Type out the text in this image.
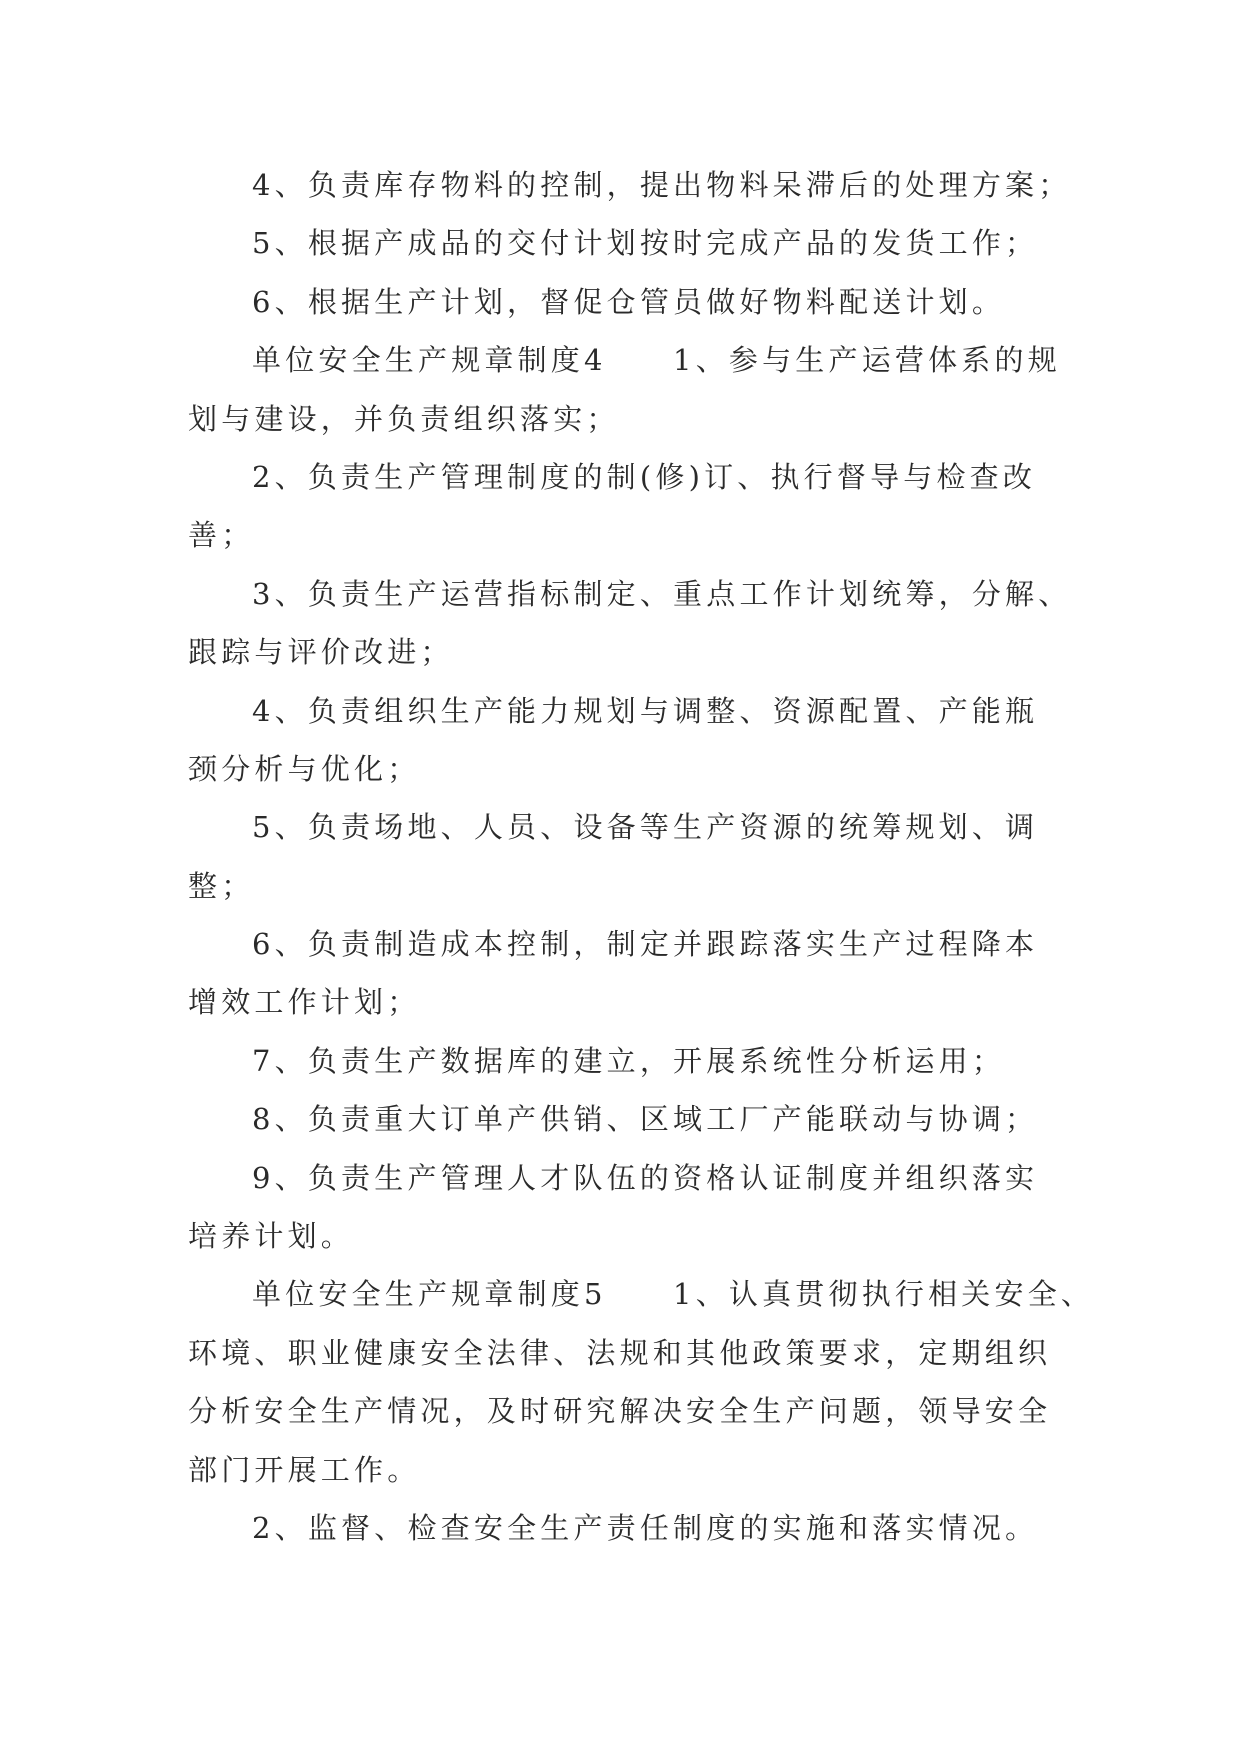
4、负责库存物料的控制，提出物料呆滞后的处理方案；
5、根据产成品的交付计划按时完成产品的发货工作；
6、根据生产计划，督促仓管员做好物料配送计划。
单位安全生产规章制度4　　1、参与生产运营体系的规
划与建设，并负责组织落实；
2、负责生产管理制度的制(修)订、执行督导与检查改
善；
3、负责生产运营指标制定、重点工作计划统筹，分解、
跟踪与评价改进；
4、负责组织生产能力规划与调整、资源配置、产能瓶
颈分析与优化；
5、负责场地、人员、设备等生产资源的统筹规划、调
整；
6、负责制造成本控制，制定并跟踪落实生产过程降本
增效工作计划；
7、负责生产数据库的建立，开展系统性分析运用；
8、负责重大订单产供销、区域工厂产能联动与协调；
9、负责生产管理人才队伍的资格认证制度并组织落实
培养计划。
单位安全生产规章制度5　　1、认真贯彻执行相关安全、
环境、职业健康安全法律、法规和其他政策要求，定期组织
分析安全生产情况，及时研究解决安全生产问题，领导安全
部门开展工作。
2、监督、检查安全生产责任制度的实施和落实情况。
